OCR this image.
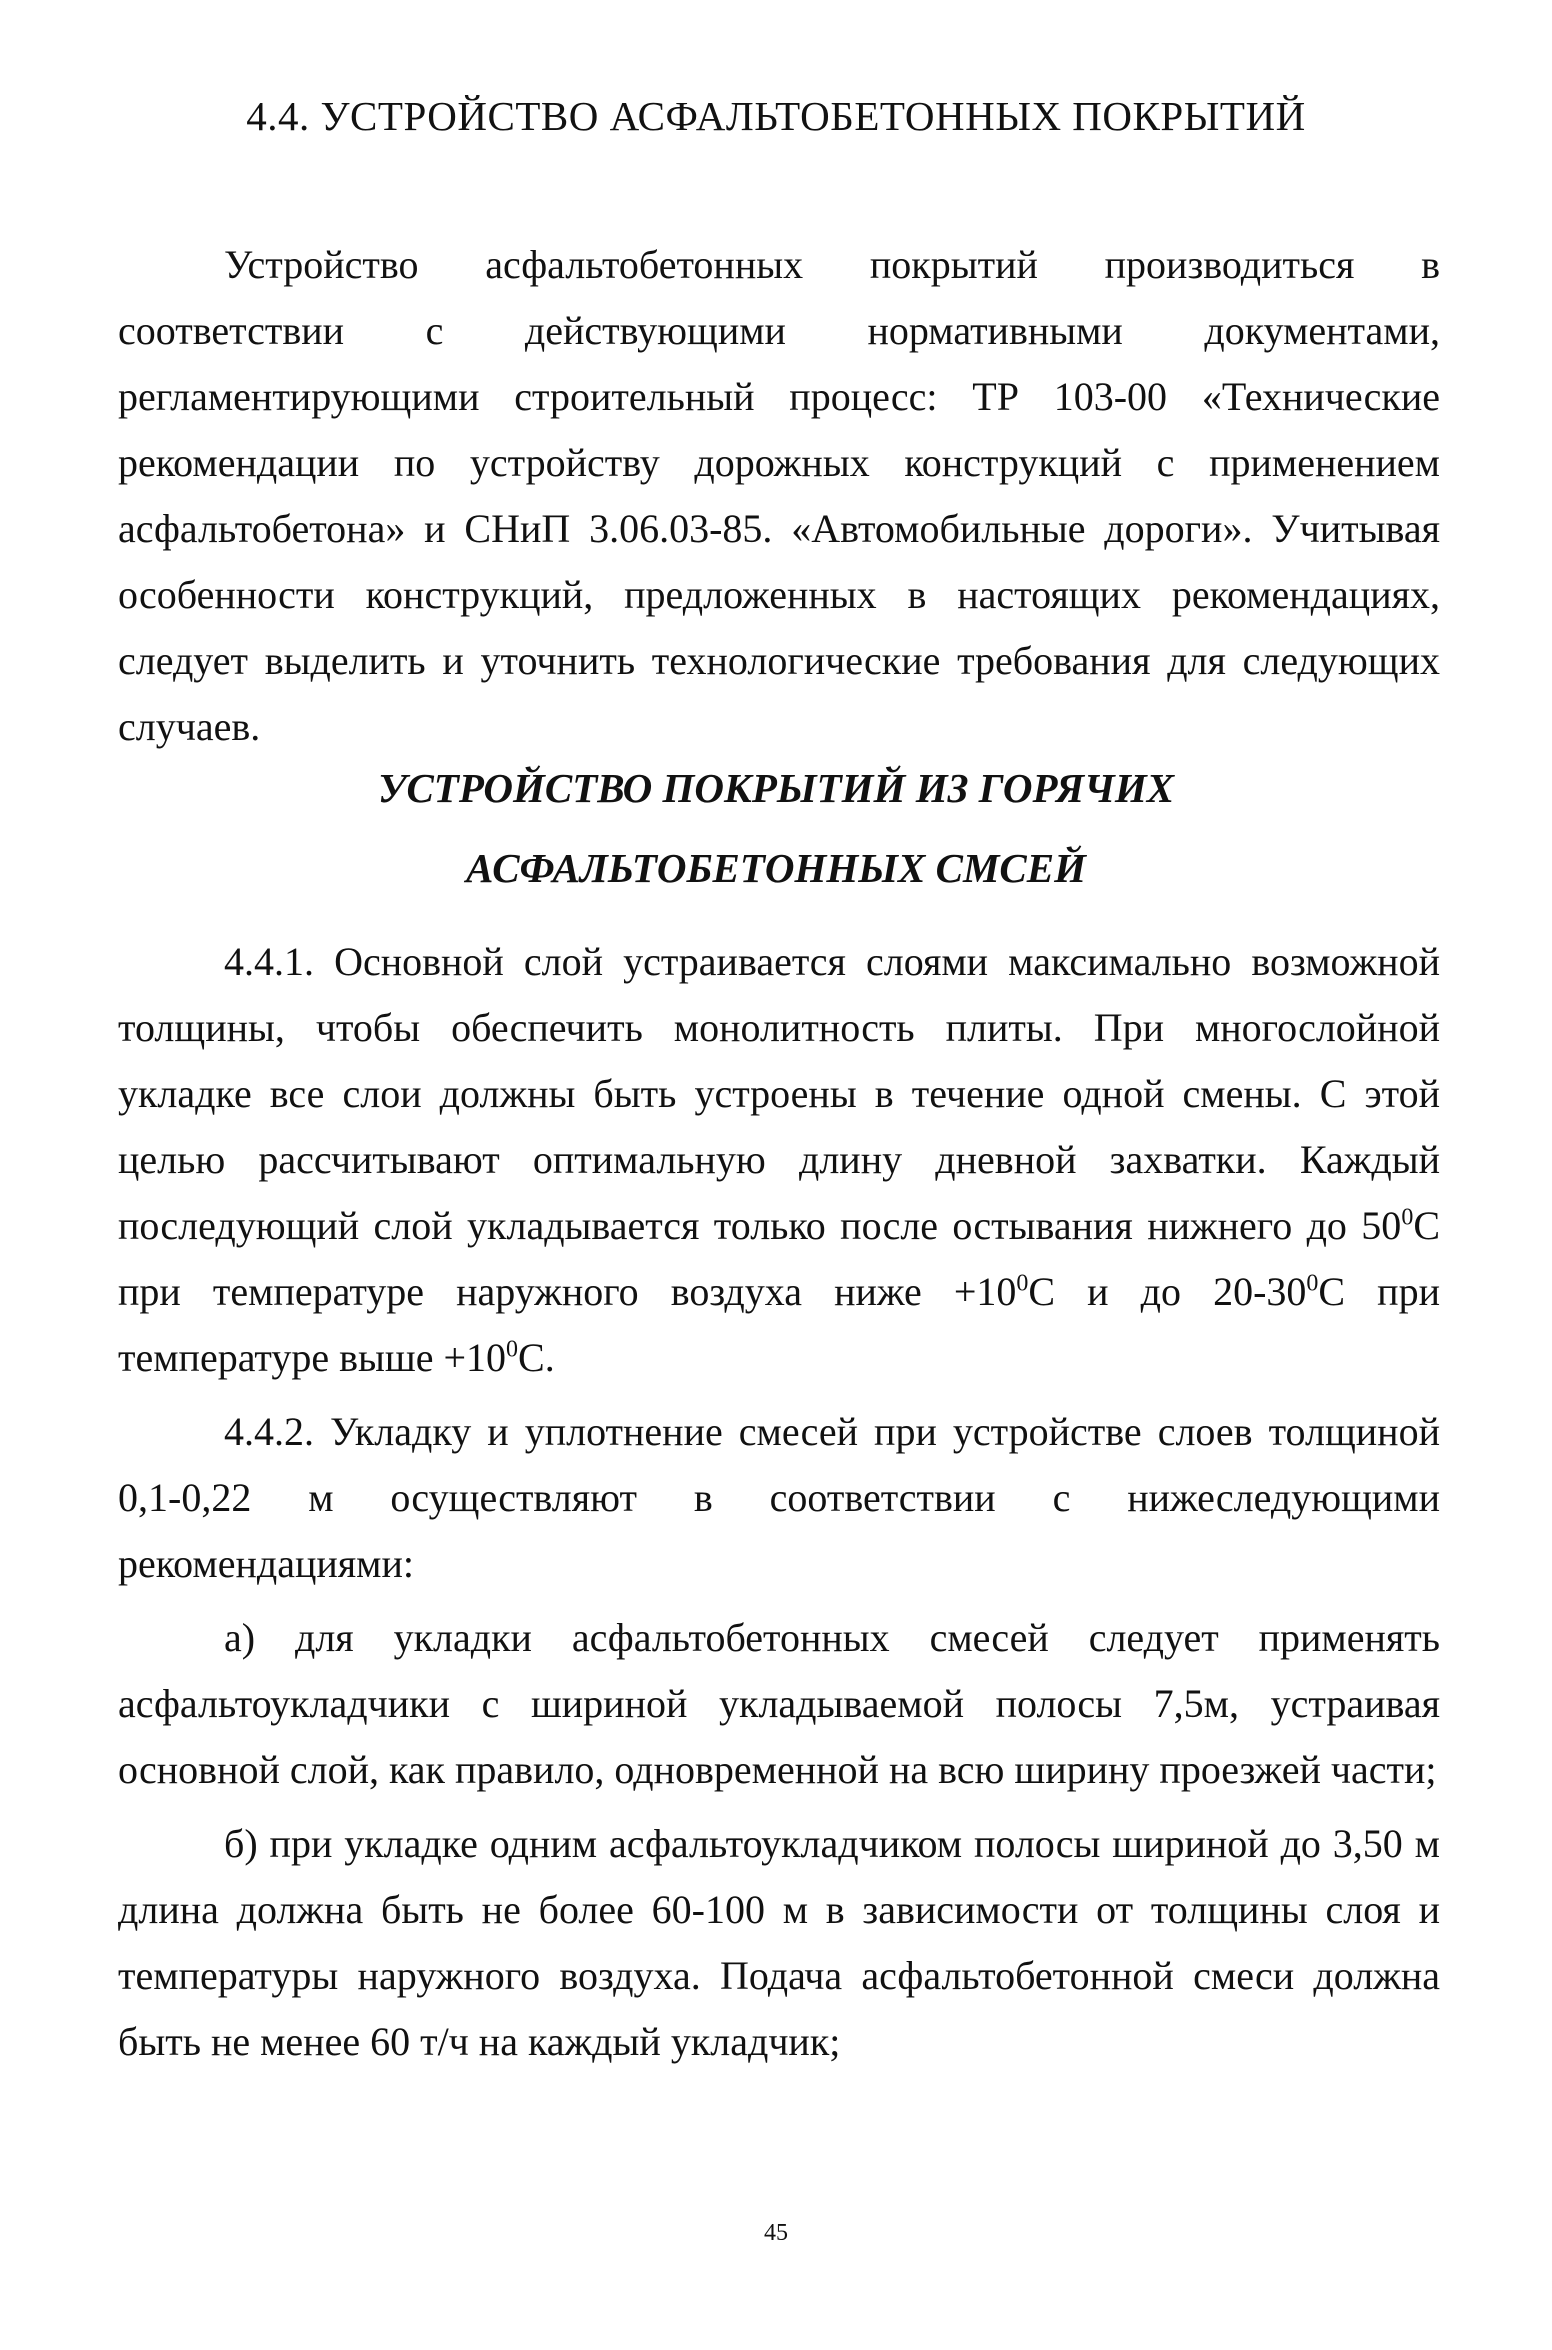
4.4. УСТРОЙСТВО АСФАЛЬТОБЕТОННЫХ ПОКРЫТИЙ

Устройство асфальтобетонных покрытий производиться в соответствии с действующими нормативными документами, регламентирующими строительный процесс: ТР 103-00 «Технические рекомендации по устройству дорожных конструкций с применением асфальтобетона» и СНиП 3.06.03-85. «Автомобильные дороги». Учитывая особенности конструкций, предложенных в настоящих рекомендациях, следует выделить и уточнить технологические требования для следующих случаев.

УСТРОЙСТВО ПОКРЫТИЙ ИЗ ГОРЯЧИХ
АСФАЛЬТОБЕТОННЫХ СМСЕЙ

4.4.1. Основной слой устраивается слоями максимально возможной толщины, чтобы обеспечить монолитность плиты. При многослойной укладке все слои должны быть устроены в течение одной смены. С этой целью рассчитывают оптимальную длину дневной захватки. Каждый последующий слой укладывается только после остывания нижнего до $50^0С$ при температуре наружного воздуха ниже $+10^0С$ и до $20-30^0С$ при температуре выше $+10^0С$.

4.4.2. Укладку и уплотнение смесей при устройстве слоев толщиной 0,1-0,22 м осуществляют в соответствии с нижеследующими рекомендациями:

а) для укладки асфальтобетонных смесей следует применять асфальтоукладчики с шириной укладываемой полосы 7,5м, устраивая основной слой, как правило, одновременной на всю ширину проезжей части;

б) при укладке одним асфальтоукладчиком полосы шириной до 3,50 м длина должна быть не более 60-100 м в зависимости от толщины слоя и температуры наружного воздуха. Подача асфальтобетонной смеси должна быть не менее 60 т/ч на каждый укладчик;

45
